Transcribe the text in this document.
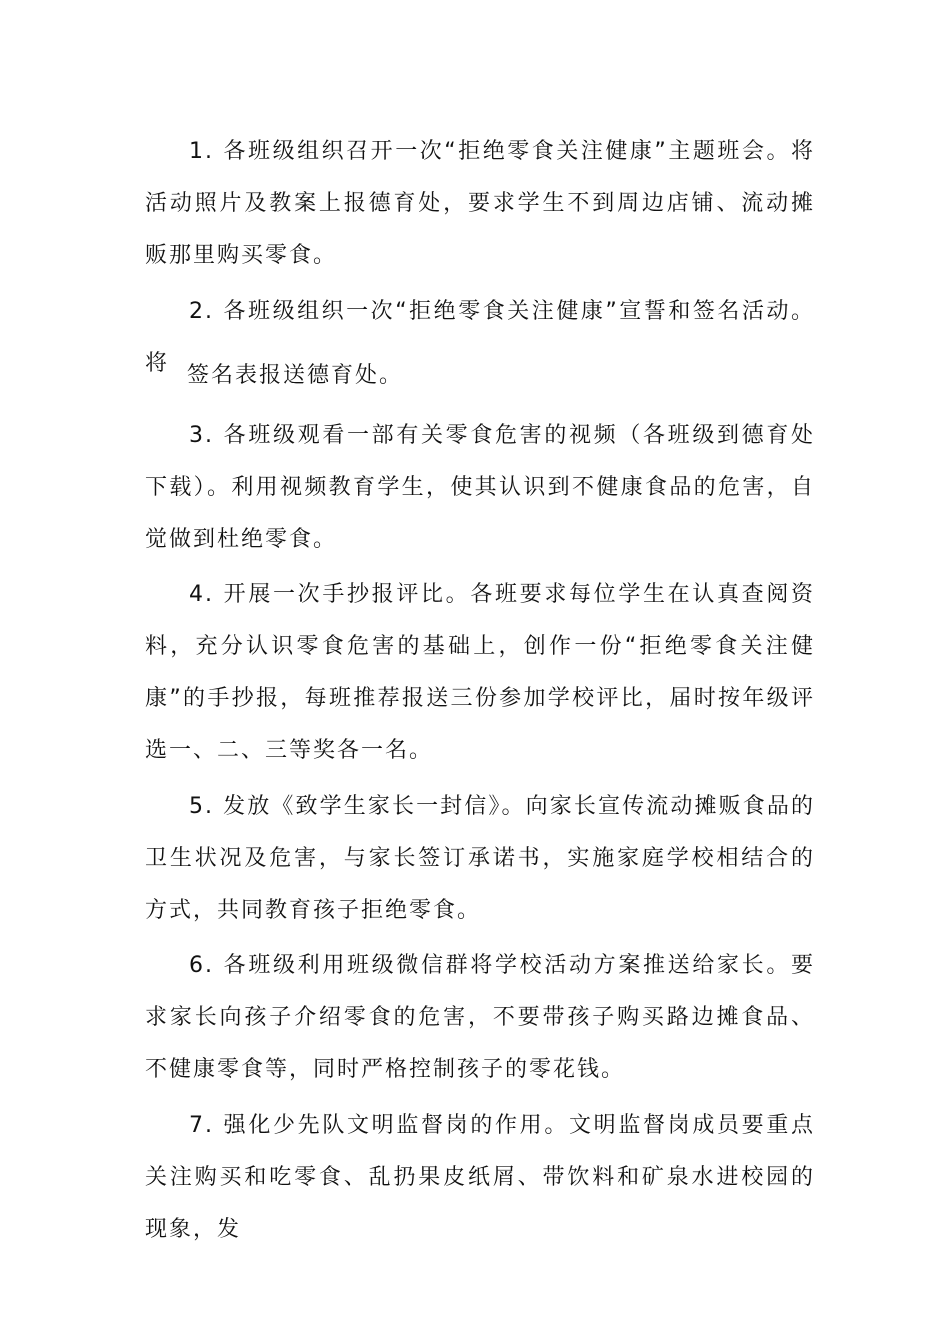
1. 各班级组织召开一次“拒绝零食关注健康”主题班会。将活动照片及教案上报德育处，要求学生不到周边店铺、流动摊贩那里购买零食。

2. 各班级组织一次“拒绝零食关注健康”宣誓和签名活动。将 签名表报送德育处。

3. 各班级观看一部有关零食危害的视频（各班级到德育处下载）。利用视频教育学生，使其认识到不健康食品的危害，自觉做到杜绝零食。

4. 开展一次手抄报评比。各班要求每位学生在认真查阅资料，充分认识零食危害的基础上，创作一份“拒绝零食关注健康”的手抄报，每班推荐报送三份参加学校评比，届时按年级评选一、二、三等奖各一名。

5. 发放《致学生家长一封信》。向家长宣传流动摊贩食品的卫生状况及危害，与家长签订承诺书，实施家庭学校相结合的方式，共同教育孩子拒绝零食。

6. 各班级利用班级微信群将学校活动方案推送给家长。要求家长向孩子介绍零食的危害，不要带孩子购买路边摊食品、不健康零食等，同时严格控制孩子的零花钱。

7. 强化少先队文明监督岗的作用。文明监督岗成员要重点关注购买和吃零食、乱扔果皮纸屑、带饮料和矿泉水进校园的现象，发
